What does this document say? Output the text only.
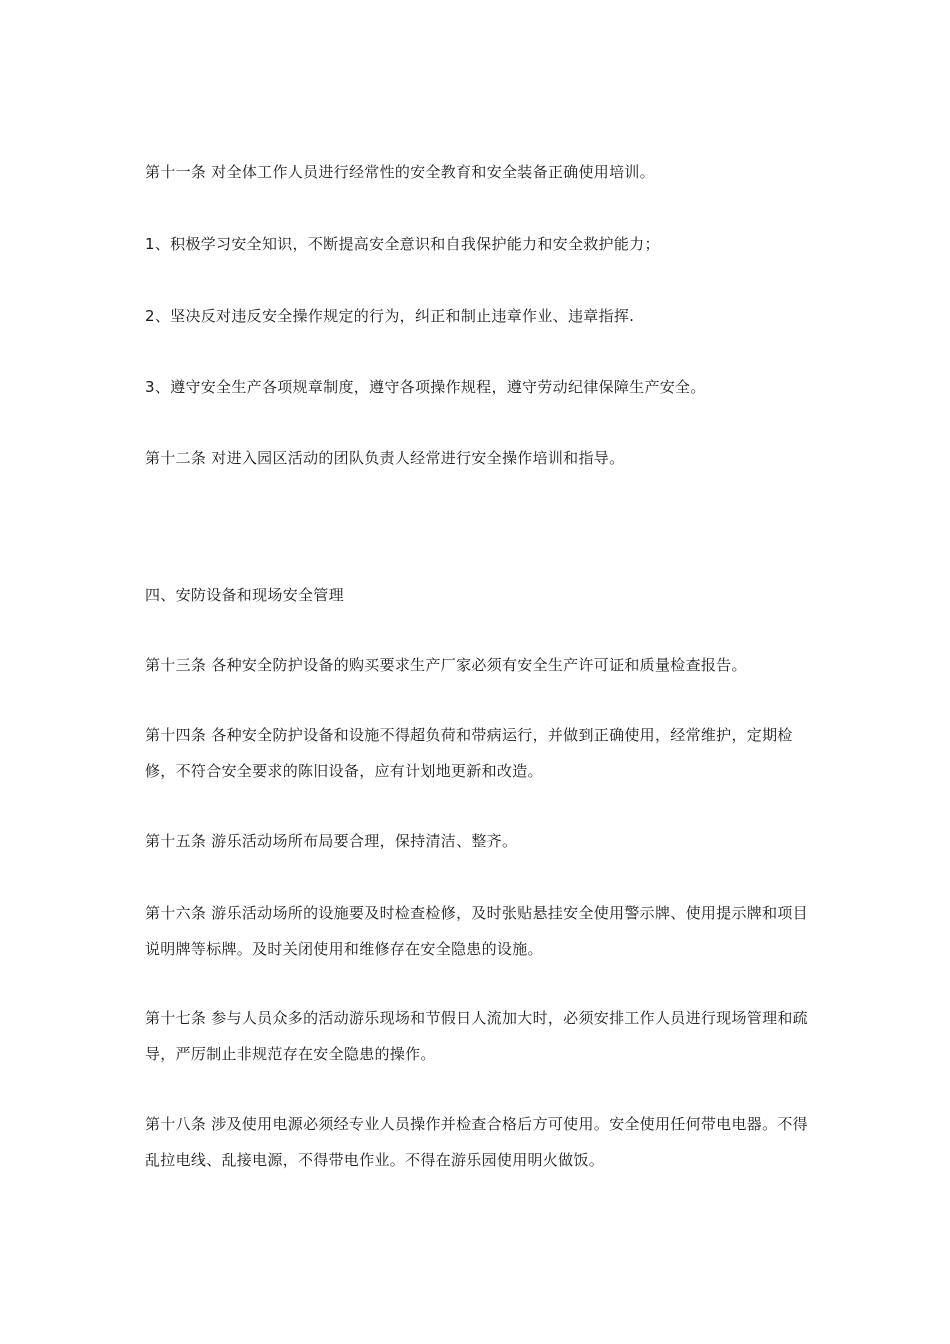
第十一条 对全体工作人员进行经常性的安全教育和安全装备正确使用培训。

1、积极学习安全知识，不断提高安全意识和自我保护能力和安全救护能力；

2、坚决反对违反安全操作规定的行为，纠正和制止违章作业、违章指挥.

3、遵守安全生产各项规章制度，遵守各项操作规程，遵守劳动纪律保障生产安全。

第十二条 对进入园区活动的团队负责人经常进行安全操作培训和指导。

四、安防设备和现场安全管理

第十三条 各种安全防护设备的购买要求生产厂家必须有安全生产许可证和质量检查报告。

第十四条 各种安全防护设备和设施不得超负荷和带病运行，并做到正确使用，经常维护，定期检修，不符合安全要求的陈旧设备，应有计划地更新和改造。

第十五条 游乐活动场所布局要合理，保持清洁、整齐。

第十六条 游乐活动场所的设施要及时检查检修，及时张贴悬挂安全使用警示牌、使用提示牌和项目说明牌等标牌。及时关闭使用和维修存在安全隐患的设施。

第十七条 参与人员众多的活动游乐现场和节假日人流加大时，必须安排工作人员进行现场管理和疏导，严厉制止非规范存在安全隐患的操作。

第十八条 涉及使用电源必须经专业人员操作并检查合格后方可使用。安全使用任何带电电器。不得乱拉电线、乱接电源，不得带电作业。不得在游乐园使用明火做饭。
